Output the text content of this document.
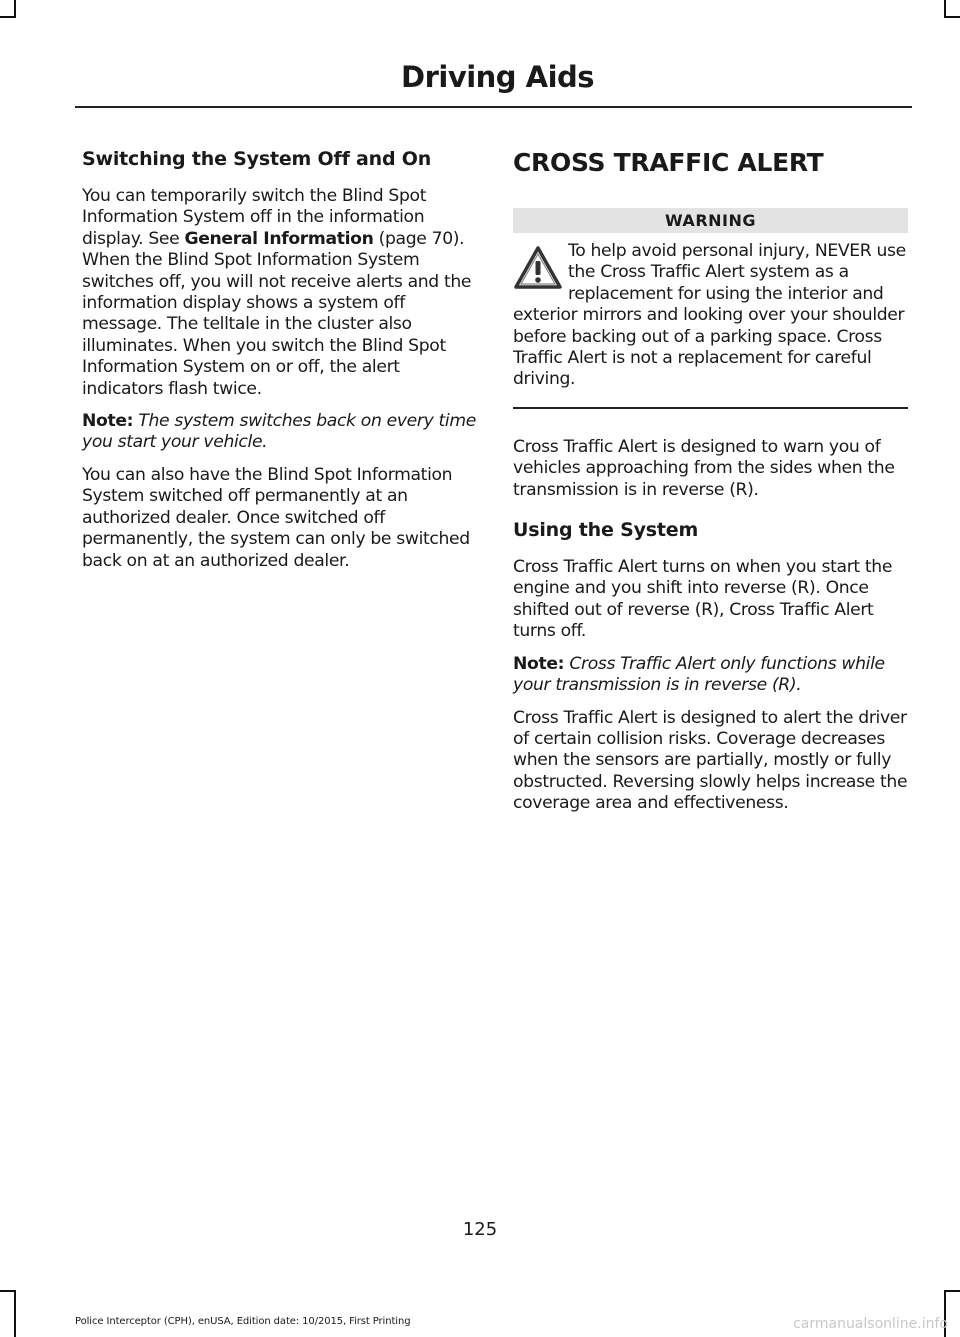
Driving Aids
Switching the System Off and On

You can temporarily switch the Blind Spot Information System off in the information display. See General Information (page 70). When the Blind Spot Information System switches off, you will not receive alerts and the information display shows a system off message. The telltale in the cluster also illuminates. When you switch the Blind Spot Information System on or off, the alert indicators flash twice.

Note: The system switches back on every time you start your vehicle.

You can also have the Blind Spot Information System switched off permanently at an authorized dealer. Once switched off permanently, the system can only be switched back on at an authorized dealer.

CROSS TRAFFIC ALERT
WARNING
To help avoid personal injury, NEVER use the Cross Traffic Alert system as a replacement for using the interior and exterior mirrors and looking over your shoulder before backing out of a parking space. Cross Traffic Alert is not a replacement for careful driving.

Cross Traffic Alert is designed to warn you of vehicles approaching from the sides when the transmission is in reverse (R).

Using the System

Cross Traffic Alert turns on when you start the engine and you shift into reverse (R). Once shifted out of reverse (R), Cross Traffic Alert turns off.

Note: Cross Traffic Alert only functions while your transmission is in reverse (R).

Cross Traffic Alert is designed to alert the driver of certain collision risks. Coverage decreases when the sensors are partially, mostly or fully obstructed. Reversing slowly helps increase the coverage area and effectiveness.

125
Police Interceptor (CPH), enUSA, Edition date: 10/2015, First Printing	carmanualsonline.info
